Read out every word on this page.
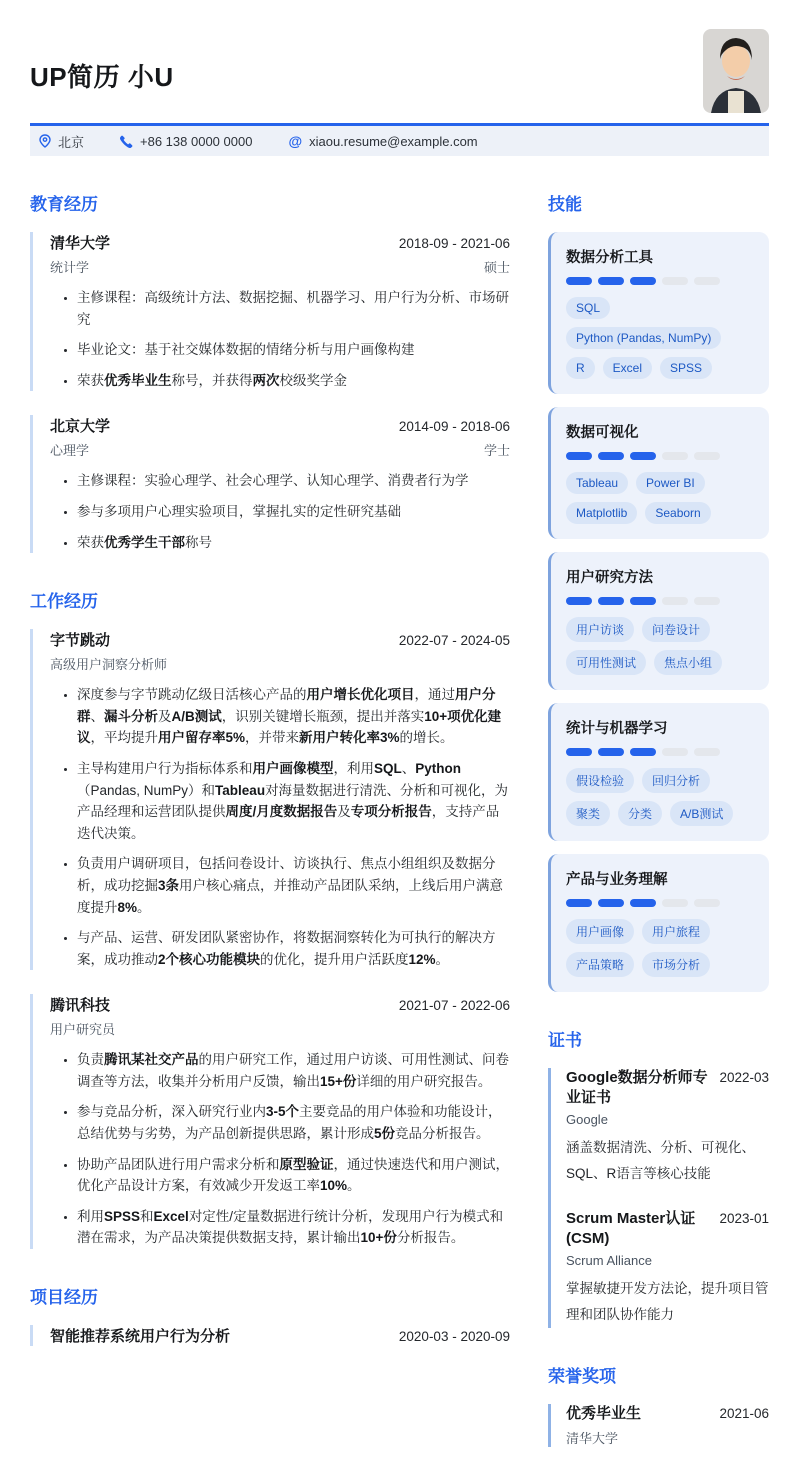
UP简历 小U
北京	+86 138 0000 0000	@ xiaou.resume@example.com
教育经历
清华大学	2018-09 - 2021-06
统计学	硕士
• 主修课程：高级统计方法、数据挖掘、机器学习、用户行为分析、市场研究
• 毕业论文：基于社交媒体数据的情绪分析与用户画像构建
• 荣获优秀毕业生称号，并获得两次校级奖学金
北京大学	2014-09 - 2018-06
心理学	学士
• 主修课程：实验心理学、社会心理学、认知心理学、消费者行为学
• 参与多项用户心理实验项目，掌握扎实的定性研究基础
• 荣获优秀学生干部称号
工作经历
字节跳动	2022-07 - 2024-05
高级用户洞察分析师
• 深度参与字节跳动亿级日活核心产品的用户增长优化项目，通过用户分群、漏斗分析及A/B测试，识别关键增长瓶颈，提出并落实10+项优化建议，平均提升用户留存率5%，并带来新用户转化率3%的增长。
• 主导构建用户行为指标体系和用户画像模型，利用SQL、Python（Pandas, NumPy）和Tableau对海量数据进行清洗、分析和可视化，为产品经理和运营团队提供周度/月度数据报告及专项分析报告，支持产品迭代决策。
• 负责用户调研项目，包括问卷设计、访谈执行、焦点小组组织及数据分析，成功挖掘3条用户核心痛点，并推动产品团队采纳，上线后用户满意度提升8%。
• 与产品、运营、研发团队紧密协作，将数据洞察转化为可执行的解决方案，成功推动2个核心功能模块的优化，提升用户活跃度12%。
腾讯科技	2021-07 - 2022-06
用户研究员
• 负责腾讯某社交产品的用户研究工作，通过用户访谈、可用性测试、问卷调查等方法，收集并分析用户反馈，输出15+份详细的用户研究报告。
• 参与竞品分析，深入研究行业内3-5个主要竞品的用户体验和功能设计，总结优势与劣势，为产品创新提供思路，累计形成5份竞品分析报告。
• 协助产品团队进行用户需求分析和原型验证，通过快速迭代和用户测试，优化产品设计方案，有效减少开发返工率10%。
• 利用SPSS和Excel对定性/定量数据进行统计分析，发现用户行为模式和潜在需求，为产品决策提供数据支持，累计输出10+份分析报告。
项目经历
智能推荐系统用户行为分析	2020-03 - 2020-09
技能
数据分析工具
SQL
Python (Pandas, NumPy)
R	Excel	SPSS
数据可视化
Tableau	Power BI
Matplotlib	Seaborn
用户研究方法
用户访谈	问卷设计
可用性测试	焦点小组
统计与机器学习
假设检验	回归分析
聚类	分类	A/B测试
产品与业务理解
用户画像	用户旅程
产品策略	市场分析
证书
Google数据分析师专业证书
2022-03
Google
涵盖数据清洗、分析、可视化、SQL、R语言等核心技能
Scrum Master认证 (CSM)
2023-01
Scrum Alliance
掌握敏捷开发方法论，提升项目管理和团队协作能力
荣誉奖项
优秀毕业生	2021-06
清华大学
